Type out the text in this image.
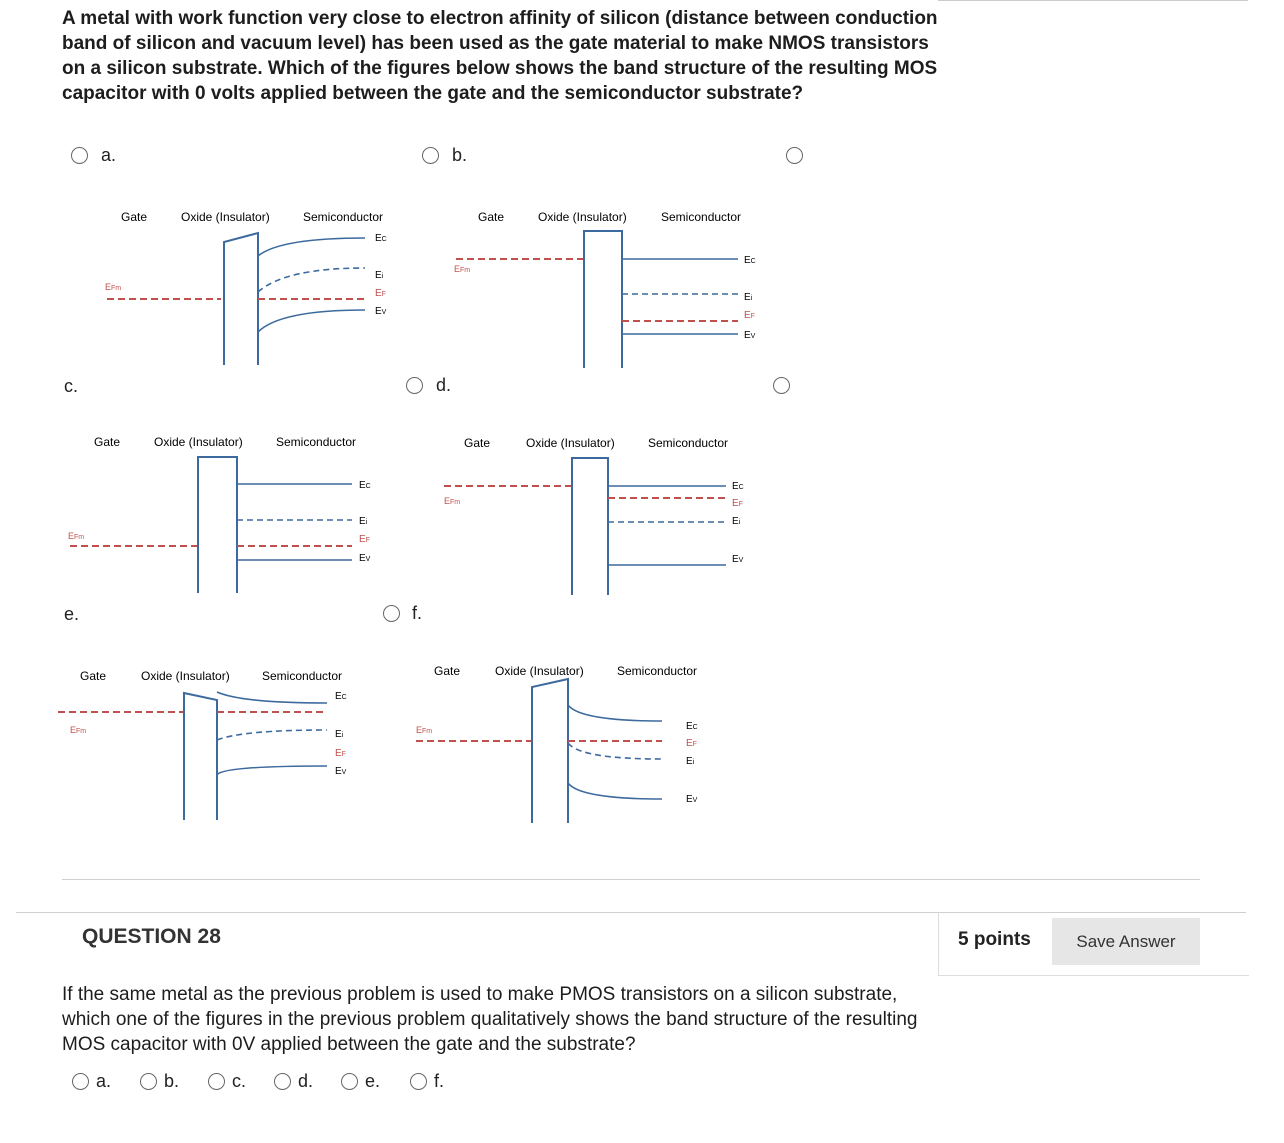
A metal with work function very close to electron affinity of silicon (distance between conduction band of silicon and vacuum level) has been used as the gate material to make NMOS transistors on a silicon substrate. Which of the figures below shows the band structure of the resulting MOS capacitor with 0 volts applied between the gate and the semiconductor substrate?
a.	b.
c.	d.
e.	f.
Gate	Oxide (Insulator)	Semiconductor
EFm
EC
Ei
EF
EV
Gate	Oxide (Insulator)	Semiconductor
EFm
EC
Ei
EF
EV
Gate	Oxide (Insulator)	Semiconductor
EFm
EC
Ei
EF
EV
Gate	Oxide (Insulator)	Semiconductor
EFm
EC
EF
Ei
EV
Gate	Oxide (Insulator)	Semiconductor
EFm
EC
Ei
EF
EV
Gate	Oxide (Insulator)	Semiconductor
EFm	EC
EF
Ei
EV
QUESTION 28	5 points	Save Answer
If the same metal as the previous problem is used to make PMOS transistors on a silicon substrate, which one of the figures in the previous problem qualitatively shows the band structure of the resulting MOS capacitor with 0V applied between the gate and the substrate?
a.	b.	c.	d.	e.	f.
